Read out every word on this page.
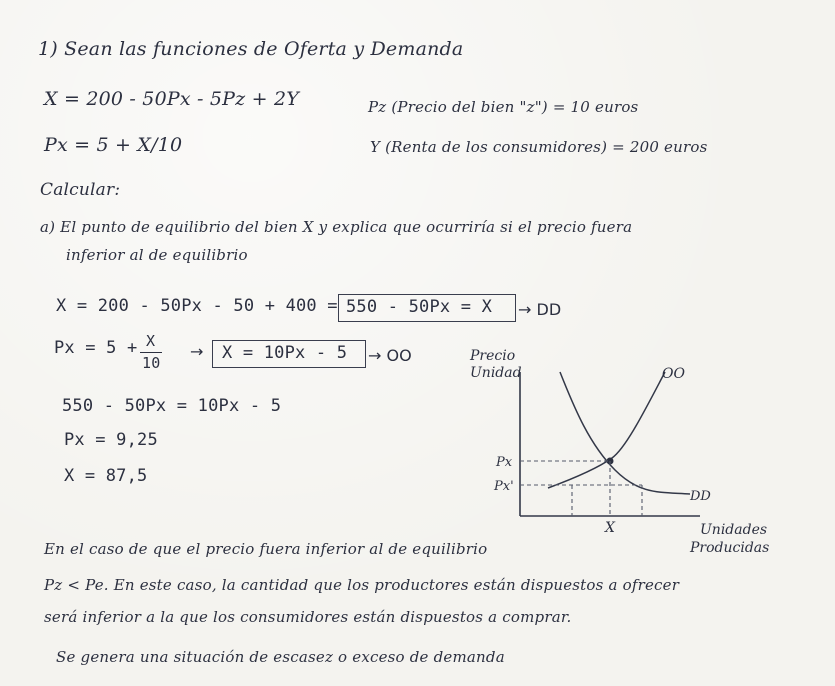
1) Sean las funciones de Oferta y Demanda
X = 200 - 50Px - 5Pz + 2Y	Pz (Precio del bien "z") = 10 euros
Px = 5 + X/10	Y (Renta de los consumidores) = 200 euros
Calcular:
a) El punto de equilibrio del bien X y explica que ocurriría si el precio fuera
inferior al de equilibrio
X = 200 - 50Px - 50 + 400 = 550 - 50Px = X → DD
Px = 5 + X
10
→ X = 10Px - 5 → OO
550 - 50Px = 10Px - 5
Px = 9,25
X = 87,5
Precio
Unidad	OO
DD
Px
Px'
X	Unidades
Producidas
En el caso de que el precio fuera inferior al de equilibrio
Pz < Pe. En este caso, la cantidad que los productores están dispuestos a ofrecer
será inferior a la que los consumidores están dispuestos a comprar.
Se genera una situación de escasez o exceso de demanda
